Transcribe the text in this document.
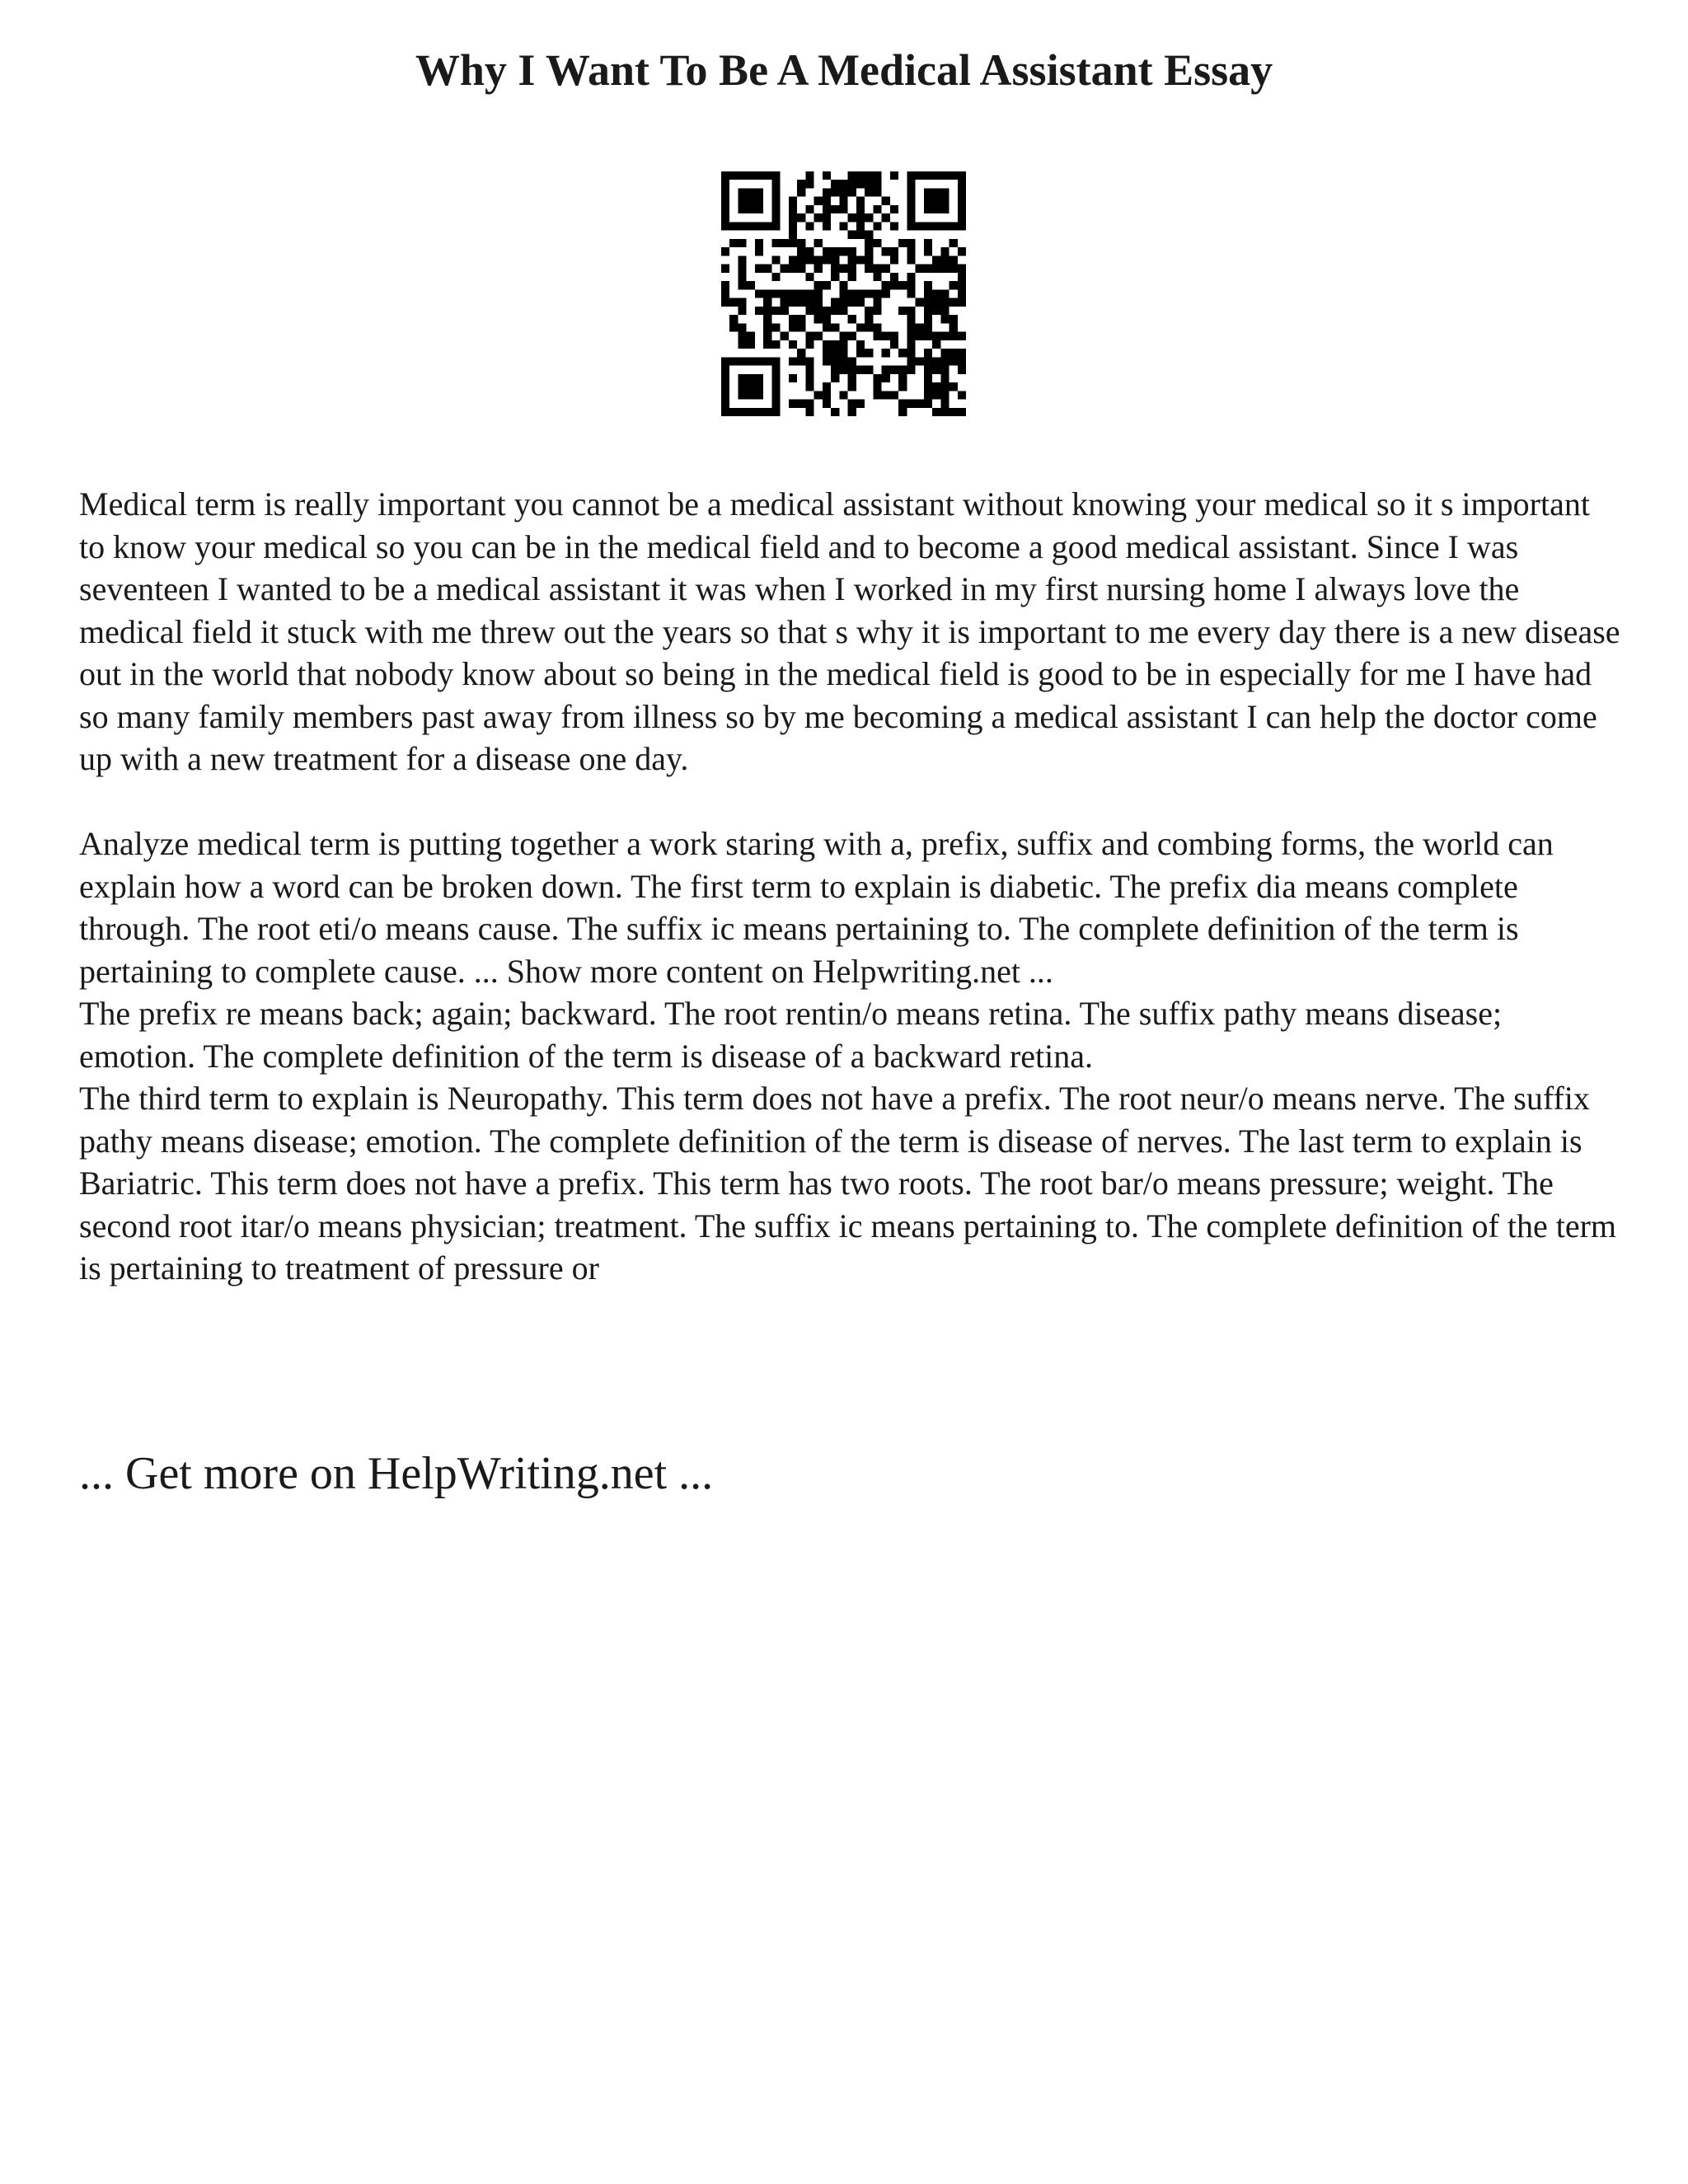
Why I Want To Be A Medical Assistant Essay

Medical term is really important you cannot be a medical assistant without knowing your medical so it s important to know your medical so you can be in the medical field and to become a good medical assistant. Since I was seventeen I wanted to be a medical assistant it was when I worked in my first nursing home I always love the medical field it stuck with me threw out the years so that s why it is important to me every day there is a new disease out in the world that nobody know about so being in the medical field is good to be in especially for me I have had so many family members past away from illness so by me becoming a medical assistant I can help the doctor come up with a new treatment for a disease one day.

Analyze medical term is putting together a work staring with a, prefix, suffix and combing forms, the world can explain how a word can be broken down. The first term to explain is diabetic. The prefix dia means complete through. The root eti/o means cause. The suffix ic means pertaining to. The complete definition of the term is pertaining to complete cause. ... Show more content on Helpwriting.net ...

The prefix re means back; again; backward. The root rentin/o means retina. The suffix pathy means disease; emotion. The complete definition of the term is disease of a backward retina.

The third term to explain is Neuropathy. This term does not have a prefix. The root neur/o means nerve. The suffix pathy means disease; emotion. The complete definition of the term is disease of nerves. The last term to explain is Bariatric. This term does not have a prefix. This term has two roots. The root bar/o means pressure; weight. The second root itar/o means physician; treatment. The suffix ic means pertaining to. The complete definition of the term is pertaining to treatment of pressure or

... Get more on HelpWriting.net ...
